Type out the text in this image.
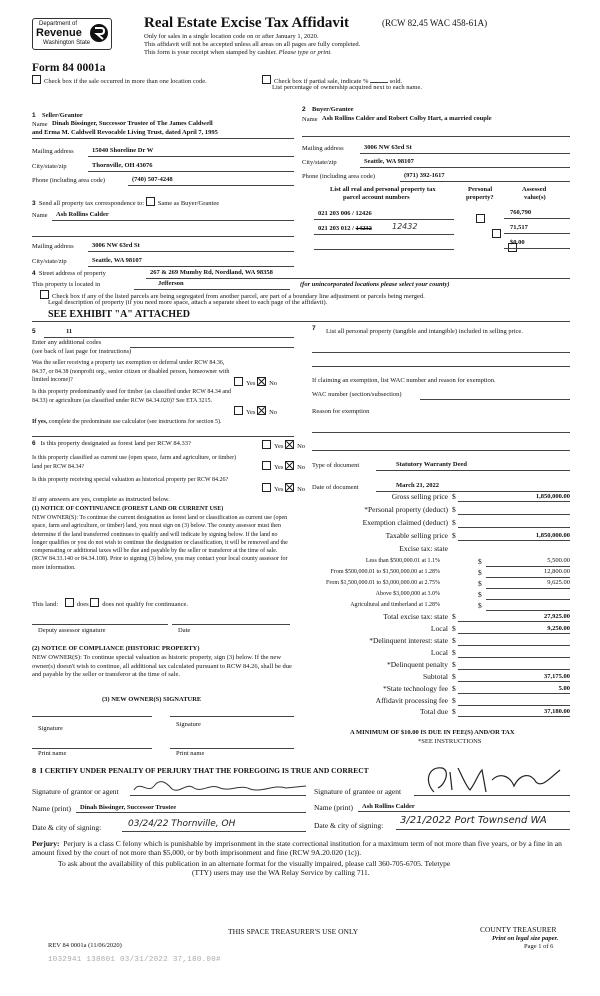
Department of
Revenue
Washington State
Real Estate Excise Tax Affidavit	(RCW 82.45 WAC 458-61A)
Only for sales in a single location code on or after January 1, 2020.
This affidavit will not be accepted unless all areas on all pages are fully completed.
This form is your receipt when stamped by cashier. Please type or print.
Form 84 0001a
Check box if the sale occurred in more than one location code.	Check box if partial sale, indicate %	sold.
List percentage of ownership acquired next to each name.
1 Seller/Grantor
Name Dinah Bissinger, Successor Trustee of The James Caldwell
and Erma M. Caldwell Revocable Living Trust, dated April 7, 1995
Mailing address	15040 Shoreline Dr W
City/state/zip	Thornville, OH 43076
Phone (including area code)	(740) 507-4248
2 Buyer/Grantee
Name Ash Rollins Calder and Robert Colby Hart, a married couple
Mailing address	3006 NW 63rd St
City/state/zip	Seattle, WA 98107
Phone (including area code)	(971) 392-1617
3 Send all property tax correspondence to: Same as Buyer/Grantee
Name Ash Rollins Calder
Mailing address	3006 NW 63rd St
City/state/zip	Seattle, WA 98107
List all real and personal property tax
parcel account numbers
Personal
property?
Assessed
value(s)
021 203 006 / 12426
	760,790
021 203 012 / 14232	12432
	71,517
$0.00
4 Street address of property	267 & 269 Mumby Rd, Nordland, WA 98358
This property is located in	Jefferson	(for unincorporated locations please select your county)
Check box if any of the listed parcels are being segregated from another parcel, are part of a boundary line adjustment or parcels being merged.
Legal description of property (if you need more space, attach a separate sheet to each page of the affidavit).
SEE EXHIBIT "A" ATTACHED
5	11
Enter any additional codes
(see back of last page for instructions)
Was the seller receiving a property tax exemption or deferral under RCW 84.36, 84.37, or 84.38 (nonprofit org., senior citizen or disabled person, homeowner with limited income)?	Yes No
Is this property predominantly used for timber (as classified under RCW 84.34 and 84.33) or agriculture (as classified under RCW 84.34.020)? See ETA 3215.
Yes No
If yes, complete the predominate use calculator (see instructions for section 5).
6 Is this property designated as forest land per RCW 84.33?	Yes No
Is this property classified as current use (open space, farm and agriculture, or timber) land per RCW 84.34?	Yes No
Is this property receiving special valuation as historical property per RCW 84.26?
Yes No
If any answers are yes, complete as instructed below.
(1) NOTICE OF CONTINUANCE (FOREST LAND OR CURRENT USE)
NEW OWNER(S): To continue the current designation as forest land or classification as current use (open space, farm and agriculture, or timber) land, you must sign on (3) below. The county assessor must then determine if the land transferred continues to qualify and will indicate by signing below. If the land no longer qualifies or you do not wish to continue the designation or classification, it will be removed and the compensating or additional taxes will be due and payable by the seller or transferor at the time of sale. (RCW 84.33.140 or 84.34.108). Prior to signing (3) below, you may contact your local county assessor for more information.
This land:	does does not qualify for continuance.
Deputy assessor signature	Date
(2) NOTICE OF COMPLIANCE (HISTORIC PROPERTY)
NEW OWNER(S): To continue special valuation as historic property, sign (3) below. If the new owner(s) doesn't wish to continue, all additional tax calculated pursuant to RCW 84.26, shall be due and payable by the seller or transferor at the time of sale.
(3) NEW OWNER(S) SIGNATURE
Signature
Signature
Print name	Print name
7 List all personal property (tangible and intangible) included in selling price.
If claiming an exemption, list WAC number and reason for exemption.
WAC number (section/subsection)
Reason for exemption
Type of document	Statutory Warranty Deed
Date of document	March 21, 2022
Gross selling price $	1,850,000.00
*Personal property (deduct) $
Exemption claimed (deduct) $
Taxable selling price $	1,850,000.00
Excise tax: state
Less than $500,000.01 at 1.1%	$	5,500.00
From $500,000.01 to $1,500,000.00 at 1.28%	$	12,800.00
From $1,500,000.01 to $3,000,000.00 at 2.75%	$	9,625.00
Above $3,000,000 at 3.0%	$
Agricultural and timberland at 1.28%	$
Total excise tax: state $	27,925.00
Local $	9,250.00
*Delinquent interest: state $
Local $
*Delinquent penalty $
Subtotal $	37,175.00
*State technology fee $	5.00
Affidavit processing fee $
Total due $	37,180.00
A MINIMUM OF $10.00 IS DUE IN FEE(S) AND/OR TAX
*SEE INSTRUCTIONS
8 I CERTIFY UNDER PENALTY OF PERJURY THAT THE FOREGOING IS TRUE AND CORRECT
Signature of grantor or agent	Signature of grantee or agent
Name (print) Dinah Bissinger, Successor Trustee	Name (print) Ash Rollins Calder
Date & city of signing:	03/24/22 Thornville, OH	Date & city of signing: 3/21/2022 Port Townsend WA
Perjury: Perjury is a class C felony which is punishable by imprisonment in the state correctional institution for a maximum term of not more than five years, or by a fine in an amount fixed by the court of not more than $5,000, or by both imprisonment and fine (RCW 9A.20.020 (1c)).
To ask about the availability of this publication in an alternate format for the visually impaired, please call 360-705-6705. Teletype
(TTY) users may use the WA Relay Service by calling 711.
REV 84 0001a (11/06/2020)
THIS SPACE TREASURER'S USE ONLY	COUNTY TREASURER
Print on legal size paper.
Page 1 of 6
1032941 138801 03/31/2022 37,180.00#
